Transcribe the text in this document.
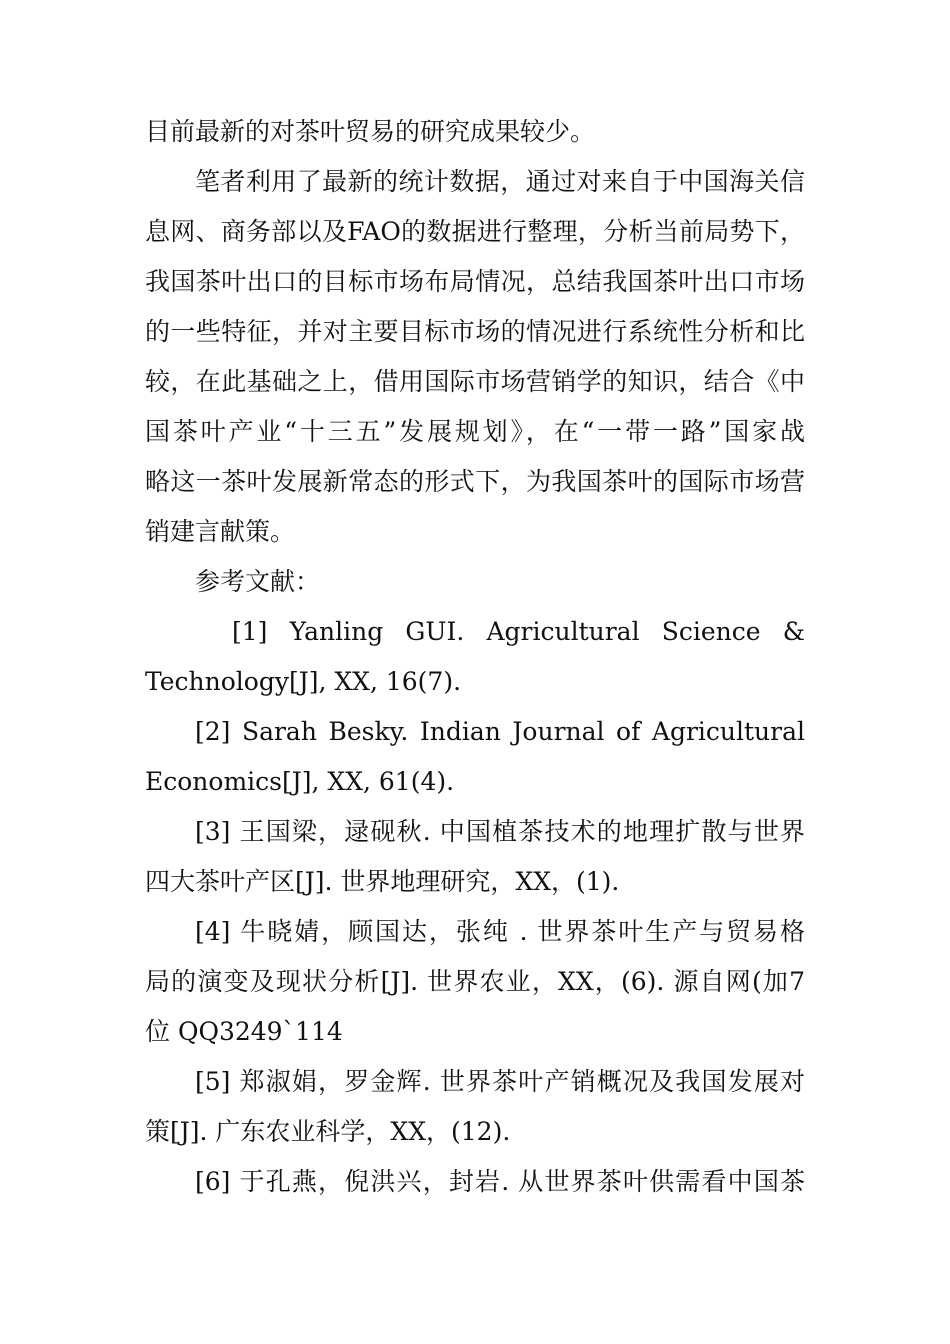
目前最新的对茶叶贸易的研究成果较少。
笔者利用了最新的统计数据，通过对来自于中国海关信
息网、商务部以及FAO的数据进行整理，分析当前局势下，
我国茶叶出口的目标市场布局情况，总结我国茶叶出口市场
的一些特征，并对主要目标市场的情况进行系统性分析和比
较，在此基础之上，借用国际市场营销学的知识，结合《中
国茶叶产业“十三五”发展规划》，在“一带一路”国家战
略这一茶叶发展新常态的形式下，为我国茶叶的国际市场营
销建言献策。
参考文献：
[1] Yanling GUI. Agricultural Science &
Technology[J], XX, 16(7).
[2] Sarah Besky. Indian Journal of Agricultural
Economics[J], XX, 61(4).
[3] 王国梁，逯砚秋. 中国植茶技术的地理扩散与世界
四大茶叶产区[J]. 世界地理研究，XX，(1).
[4] 牛晓婧，顾国达，张纯 . 世界茶叶生产与贸易格
局的演变及现状分析[J]. 世界农业，XX，(6). 源自网(加7
位 QQ3249`114
[5] 郑淑娟，罗金辉. 世界茶叶产销概况及我国发展对
策[J]. 广东农业科学，XX，(12).
[6] 于孔燕，倪洪兴，封岩. 从世界茶叶供需看中国茶
